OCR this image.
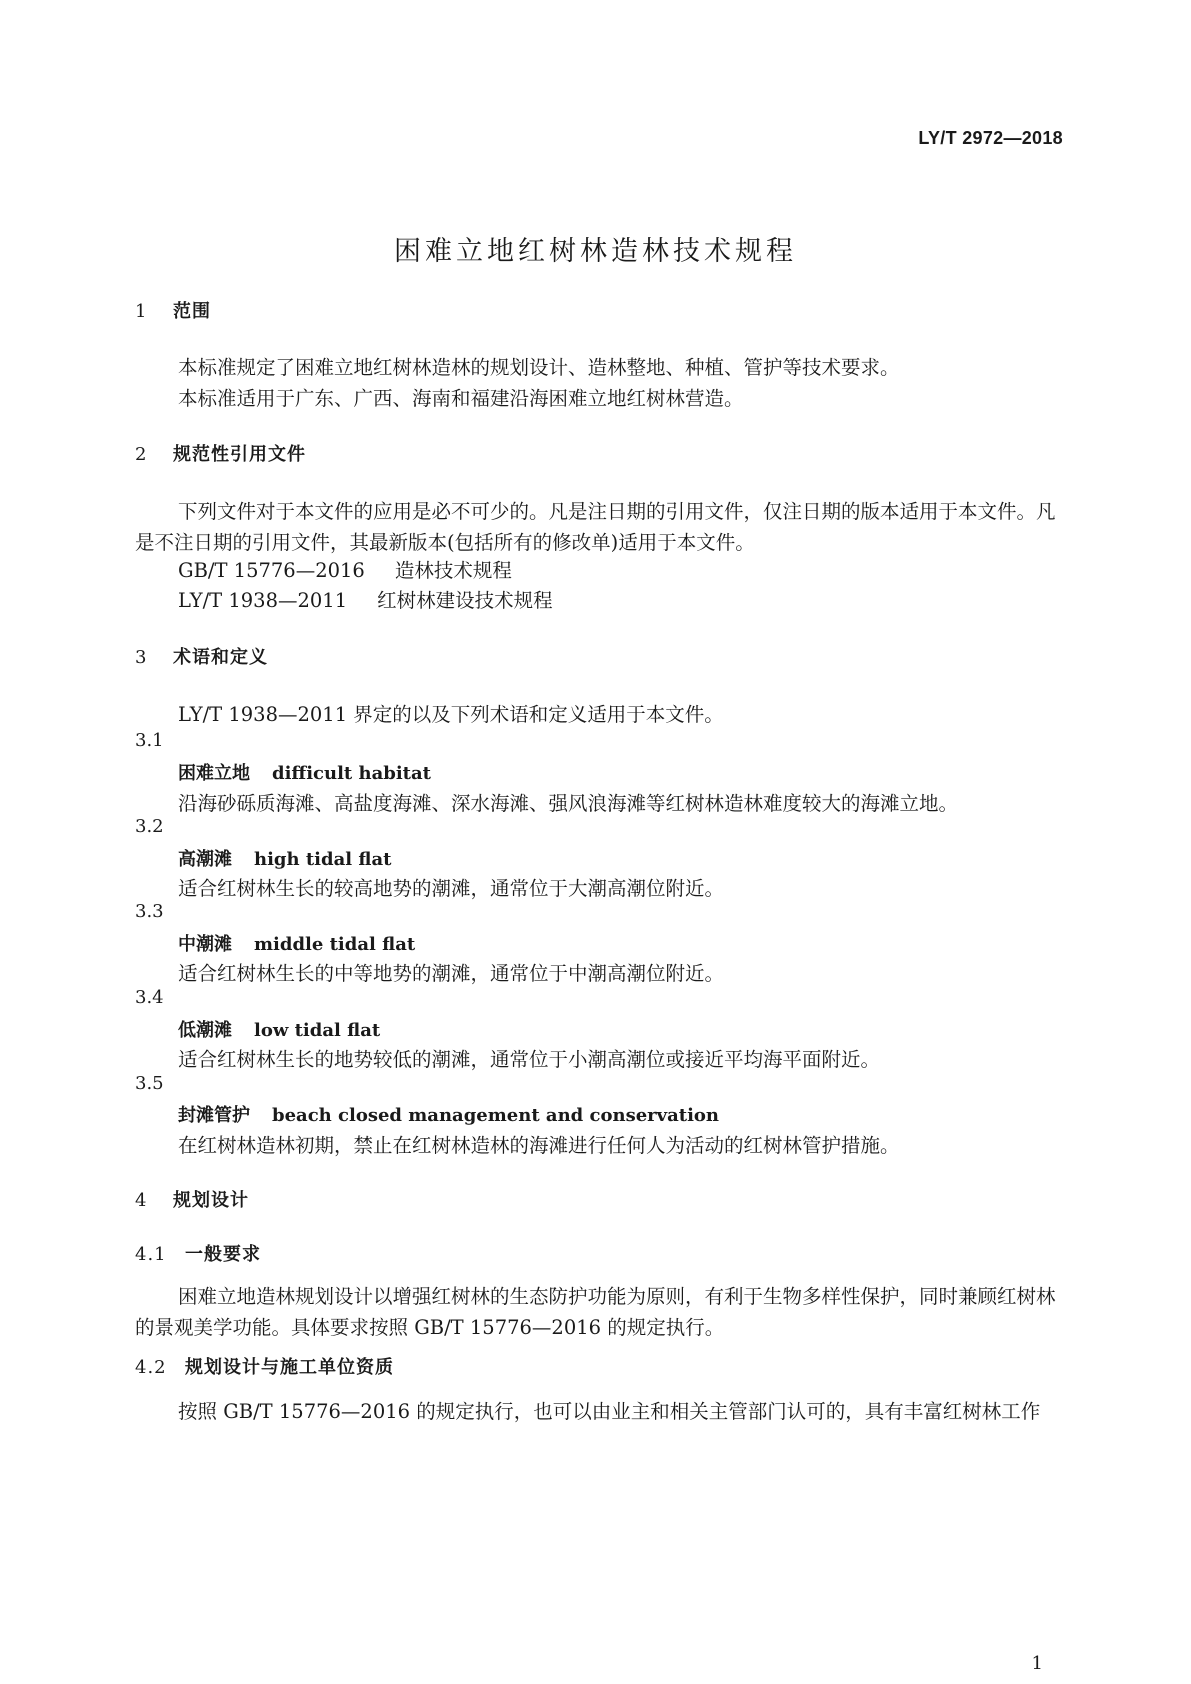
LY/T 2972—2018
困难立地红树林造林技术规程
1 范围
本标准规定了困难立地红树林造林的规划设计、造林整地、种植、管护等技术要求。
本标准适用于广东、广西、海南和福建沿海困难立地红树林营造。
2 规范性引用文件

下列文件对于本文件的应用是必不可少的。凡是注日期的引用文件，仅注日期的版本适用于本文件。凡是不注日期的引用文件，其最新版本(包括所有的修改单)适用于本文件。

GB/T 15776—2016 造林技术规程
LY/T 1938—2011 红树林建设技术规程
3 术语和定义
LY/T 1938—2011 界定的以及下列术语和定义适用于本文件。
3.1
困难立地 difficult habitat
沿海砂砾质海滩、高盐度海滩、深水海滩、强风浪海滩等红树林造林难度较大的海滩立地。
3.2
高潮滩 high tidal flat
适合红树林生长的较高地势的潮滩，通常位于大潮高潮位附近。
3.3
中潮滩 middle tidal flat
适合红树林生长的中等地势的潮滩，通常位于中潮高潮位附近。
3.4
低潮滩 low tidal flat
适合红树林生长的地势较低的潮滩，通常位于小潮高潮位或接近平均海平面附近。
3.5
封滩管护 beach closed management and conservation
在红树林造林初期，禁止在红树林造林的海滩进行任何人为活动的红树林管护措施。
4 规划设计
4.1 一般要求

困难立地造林规划设计以增强红树林的生态防护功能为原则，有利于生物多样性保护，同时兼顾红树林的景观美学功能。具体要求按照 GB/T 15776—2016 的规定执行。

4.2 规划设计与施工单位资质
按照 GB/T 15776—2016 的规定执行，也可以由业主和相关主管部门认可的，具有丰富红树林工作
1
